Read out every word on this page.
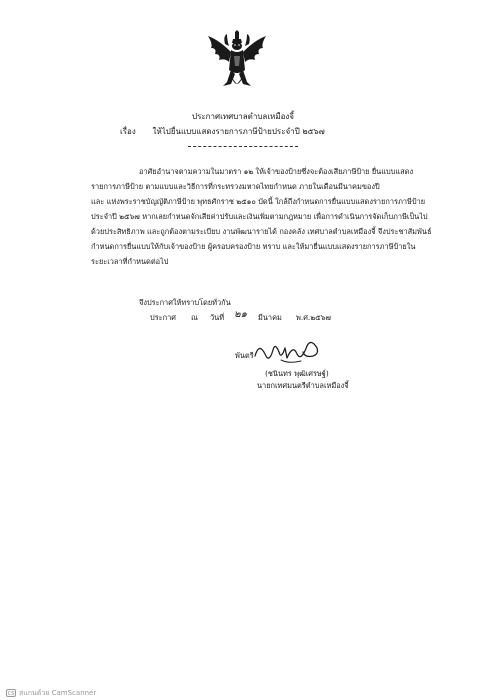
ประกาศเทศบาลตำบลเหมืองจี้
เรื่อง ให้ไปยื่นแบบแสดงรายการภาษีป้ายประจำปี ๒๕๖๗
อาศัยอำนาจตามความในมาตรา ๑๒ ให้เจ้าของป้ายซึ่งจะต้องเสียภาษีป้าย ยื่นแบบแสดง
รายการภาษีป้าย ตามแบบและวิธีการที่กระทรวงมหาดไทยกำหนด ภายในเดือนมีนาคมของปี
และ แห่งพระราชบัญญัติภาษีป้าย พุทธศักราช ๒๕๑๐ บัดนี้ ใกล้ถึงกำหนดการยื่นแบบแสดงรายการภาษีป้าย
ประจำปี ๒๕๖๗ หากเลยกำหนดจักเสียค่าปรับและเงินเพิ่มตามกฎหมาย เพื่อการดำเนินการจัดเก็บภาษีเป็นไป
ด้วยประสิทธิภาพ และถูกต้องตามระเบียบ งานพัฒนารายได้ กองคลัง เทศบาลตำบลเหมืองจี้ จึงประชาสัมพันธ์
กำหนดการยื่นแบบให้กับเจ้าของป้าย ผู้ครอบครองป้าย ทราบ และให้มายื่นแบบแสดงรายการภาษีป้ายใน
ระยะเวลาที่กำหนดต่อไป
จึงประกาศให้ทราบโดยทั่วกัน
ประกาศ ณ วันที่ ๒๑ มีนาคม พ.ศ.๒๕๖๗
พันตรี
(ชนินทร พุฒิเศรษฐ์)
นายกเทศมนตรีตำบลเหมืองจี้
CS สแกนด้วย CamScanner
